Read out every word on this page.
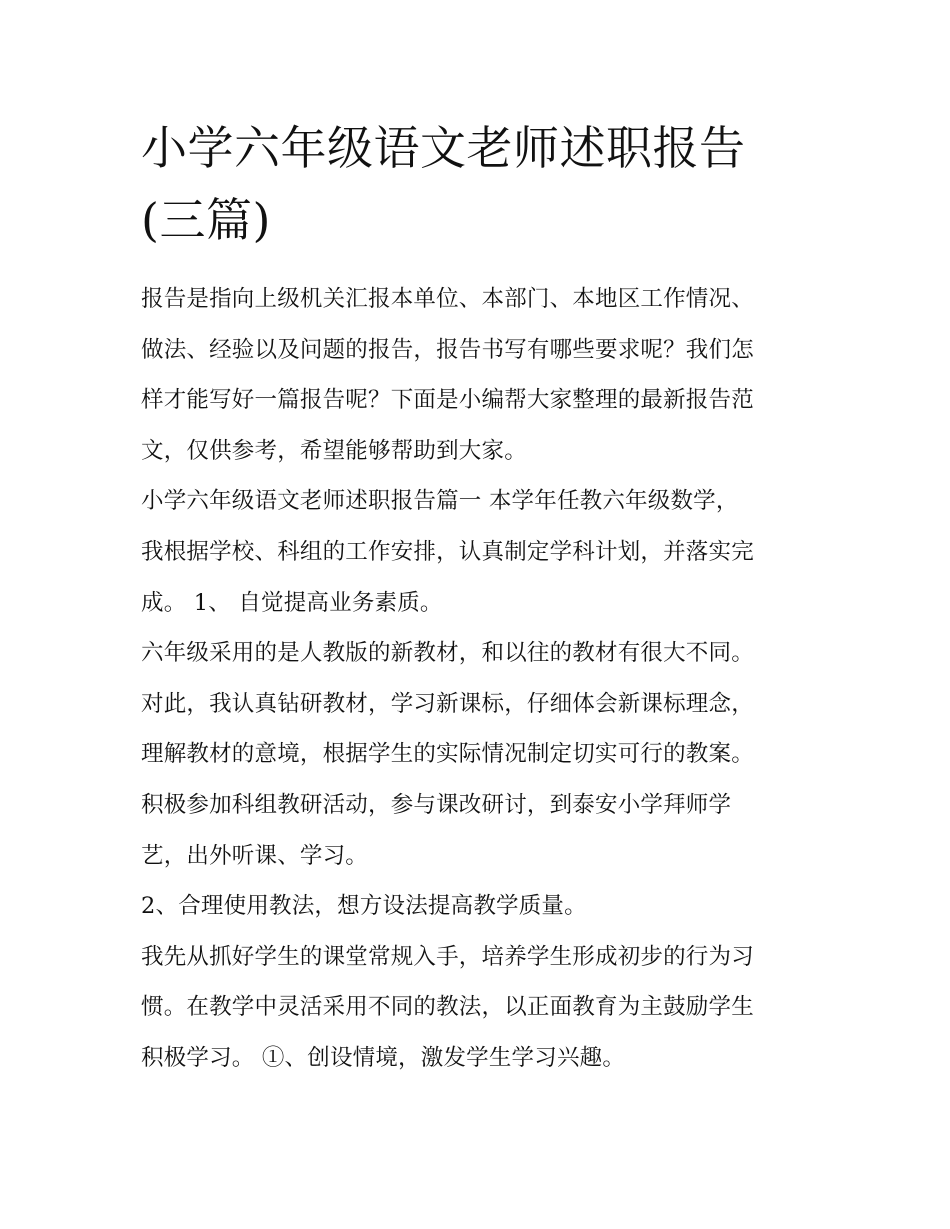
小学六年级语文老师述职报告
(三篇)

报告是指向上级机关汇报本单位、本部门、本地区工作情况、
做法、经验以及问题的报告，报告书写有哪些要求呢？我们怎
样才能写好一篇报告呢？下面是小编帮大家整理的最新报告范
文，仅供参考，希望能够帮助到大家。

小学六年级语文老师述职报告篇一 本学年任教六年级数学，
我根据学校、科组的工作安排，认真制定学科计划，并落实完
成。 1、 自觉提高业务素质。

六年级采用的是人教版的新教材，和以往的教材有很大不同。
对此，我认真钻研教材，学习新课标，仔细体会新课标理念，
理解教材的意境，根据学生的实际情况制定切实可行的教案。
积极参加科组教研活动，参与课改研讨，到泰安小学拜师学
艺，出外听课、学习。

2、合理使用教法，想方设法提高教学质量。

我先从抓好学生的课堂常规入手，培养学生形成初步的行为习
惯。在教学中灵活采用不同的教法，以正面教育为主鼓励学生
积极学习。 ①、创设情境，激发学生学习兴趣。
